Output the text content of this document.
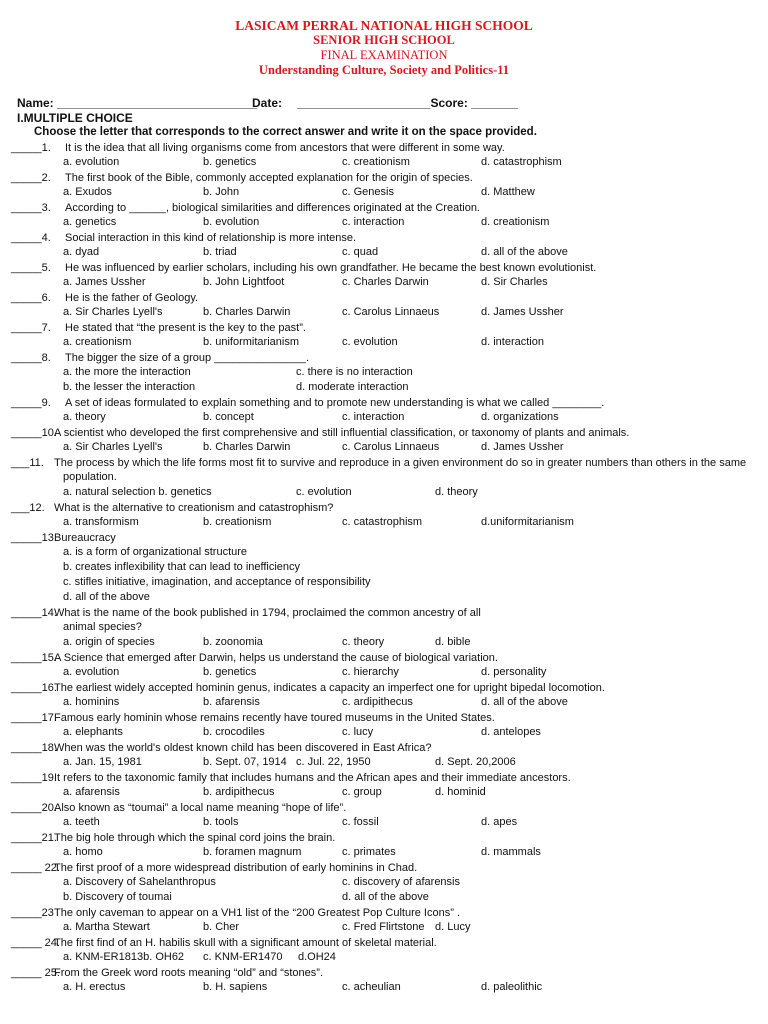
LASICAM PERRAL NATIONAL HIGH SCHOOL
SENIOR HIGH SCHOOL
FINAL EXAMINATION
Understanding Culture, Society and Politics-11
Name: ______________________________
Date: ____________________Score: _______
I.MULTIPLE CHOICE
Choose the letter that corresponds to the correct answer and write it on the space provided.
_____1. It is the idea that all living organisms come from ancestors that were different in some way.
a. evolution	b. genetics	c. creationism	d. catastrophism
_____2. The first book of the Bible, commonly accepted explanation for the origin of species.
a. Exudos	b. John	c. Genesis	d. Matthew
_____3. According to ______, biological similarities and differences originated at the Creation.
a. genetics	b. evolution	c. interaction	d. creationism
_____4. Social interaction in this kind of relationship is more intense.
a. dyad	b. triad	c. quad	d. all of the above
_____5. He was influenced by earlier scholars, including his own grandfather. He became the best known evolutionist.
a. James Ussher	b. John Lightfoot	c. Charles Darwin	d. Sir Charles
_____6. He is the father of Geology.
a. Sir Charles Lyell's	b. Charles Darwin	c. Carolus Linnaeus	d. James Ussher
_____7. He stated that “the present is the key to the past”.
a. creationism	b. uniformitarianism	c. evolution	d. interaction
_____8. The bigger the size of a group _______________.
a. the more the interaction	c. there is no interaction
b. the lesser the interaction	d. moderate interaction
_____9. A set of ideas formulated to explain something and to promote new understanding is what we called ________.
a. theory	b. concept	c. interaction	d. organizations
_____10.
A scientist who developed the first comprehensive and still influential classification, or taxonomy of plants and animals.
a. Sir Charles Lyell's	b. Charles Darwin	c. Carolus Linnaeus	d. James Ussher
___11. The process by which the life forms most fit to survive and reproduce in a given environment do so in greater numbers than others in the same
population.
a. natural selection b. genetics	c. evolution	d. theory
___12. What is the alternative to creationism and catastrophism?
a. transformism	b. creationism	c. catastrophism	d.uniformitarianism
_____13.
Bureaucracy
a. is a form of organizational structure
b. creates inflexibility that can lead to inefficiency
c. stifles initiative, imagination, and acceptance of responsibility
d. all of the above
_____14.
What is the name of the book published in 1794, proclaimed the common ancestry of all
animal species?
a. origin of species	b. zoonomia	c. theory	d. bible
_____15.
A Science that emerged after Darwin, helps us understand the cause of biological variation.
a. evolution	b. genetics	c. hierarchy	d. personality
_____16.
The earliest widely accepted hominin genus, indicates a capacity an imperfect one for upright bipedal locomotion.
a. hominins	b. afarensis	c. ardipithecus	d. all of the above
_____17.
Famous early hominin whose remains recently have toured museums in the United States.
a. elephants	b. crocodiles	c. lucy	d. antelopes
_____18.
When was the world's oldest known child has been discovered in East Africa?
a. Jan. 15, 1981	b. Sept. 07, 1914 c. Jul. 22, 1950	d. Sept. 20,2006
_____19.
It refers to the taxonomic family that includes humans and the African apes and their immediate ancestors.
a. afarensis	b. ardipithecus	c. group	d. hominid
_____20.
Also known as “toumai” a local name meaning “hope of life”.
a. teeth	b. tools	c. fossil	d. apes
_____21.
The big hole through which the spinal cord joins the brain.
a. homo	b. foramen magnum	c. primates	d. mammals
_____ 22.
The first proof of a more widespread distribution of early hominins in Chad.
a. Discovery of Sahelanthropus	c. discovery of afarensis
b. Discovery of toumai	d. all of the above
_____23 The only caveman to appear on a VH1 list of the “200 Greatest Pop Culture Icons” .
a. Martha Stewart	b. Cher	c. Fred Flirtstone d. Lucy
_____ 24.
The first find of an H. habilis skull with a significant amount of skeletal material.
a. KNM-ER1813b. OH62 c. KNM-ER1470 d.OH24
_____ 25.
From the Greek word roots meaning “old” and “stones”.
a. H. erectus	b. H. sapiens	c. acheulian	d. paleolithic
